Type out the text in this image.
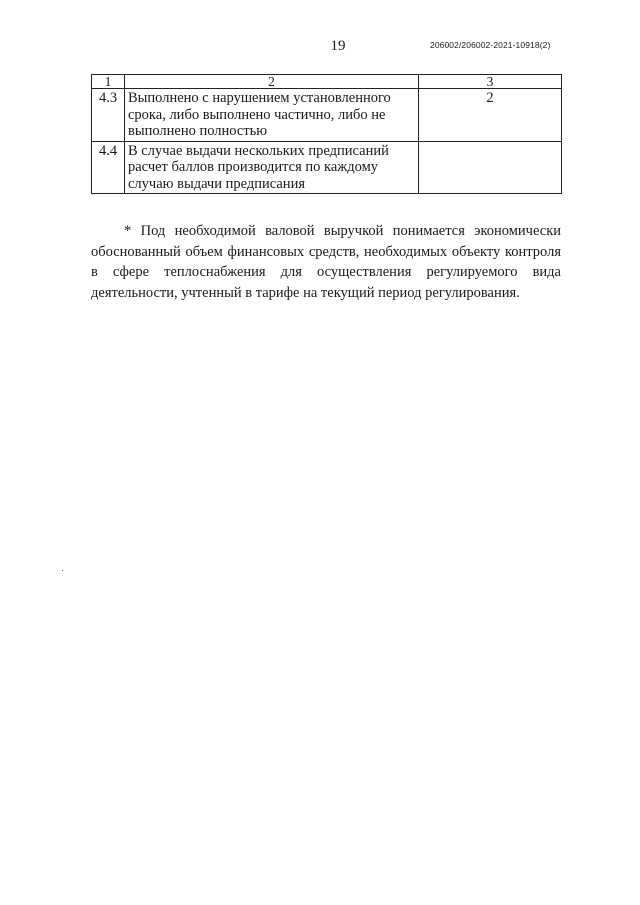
19	206002/206002-2021-10918(2)
1	2	3
4.3	Выполнено с нарушением установленного срока, либо выполнено частично, либо не выполнено полностью	2
4.4	В случае выдачи нескольких предписаний расчет баллов производится по каждому случаю выдачи предписания	

* Под необходимой валовой выручкой понимается экономически обоснованный объем финансовых средств, необходимых объекту контроля в сфере теплоснабжения для осуществления регулируемого вида деятельности, учтенный в тарифе на текущий период регулирования.
